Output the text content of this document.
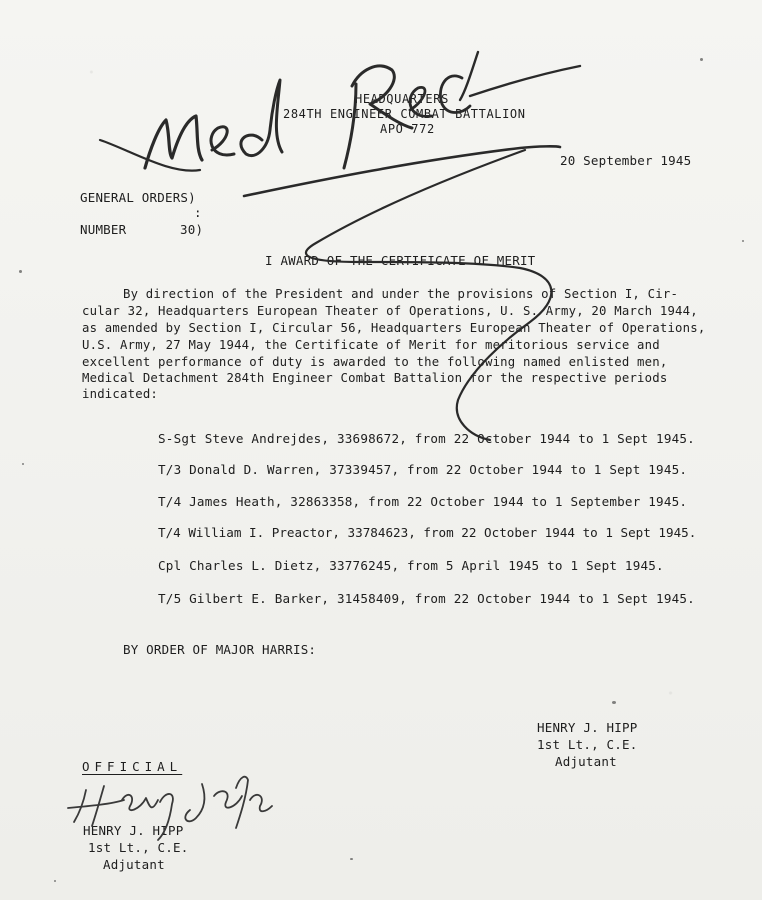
HEADQUARTERS
284TH ENGINEER COMBAT BATTALION
APO 772
20 September 1945
GENERAL ORDERS)
:
NUMBER	30)
I AWARD OF THE CERTIFICATE OF MERIT
By direction of the President and under the provisions of Section I, Cir-
cular 32, Headquarters European Theater of Operations, U. S. Army, 20 March 1944,
as amended by Section I, Circular 56, Headquarters European Theater of Operations,
U.S. Army, 27 May 1944, the Certificate of Merit for meritorious service and
excellent performance of duty is awarded to the following named enlisted men,
Medical Detachment 284th Engineer Combat Battalion for the respective periods
indicated:
S-Sgt Steve Andrejdes, 33698672, from 22 October 1944 to 1 Sept 1945.
T/3 Donald D. Warren, 37339457, from 22 October 1944 to 1 Sept 1945.
T/4 James Heath, 32863358, from 22 October 1944 to 1 September 1945.
T/4 William I. Preactor, 33784623, from 22 October 1944 to 1 Sept 1945.
Cpl Charles L. Dietz, 33776245, from 5 April 1945 to 1 Sept 1945.
T/5 Gilbert E. Barker, 31458409, from 22 October 1944 to 1 Sept 1945.
BY ORDER OF MAJOR HARRIS:
HENRY J. HIPP
1st Lt., C.E.
Adjutant
OFFICIAL
HENRY J. HIPP
1st Lt., C.E.
Adjutant
